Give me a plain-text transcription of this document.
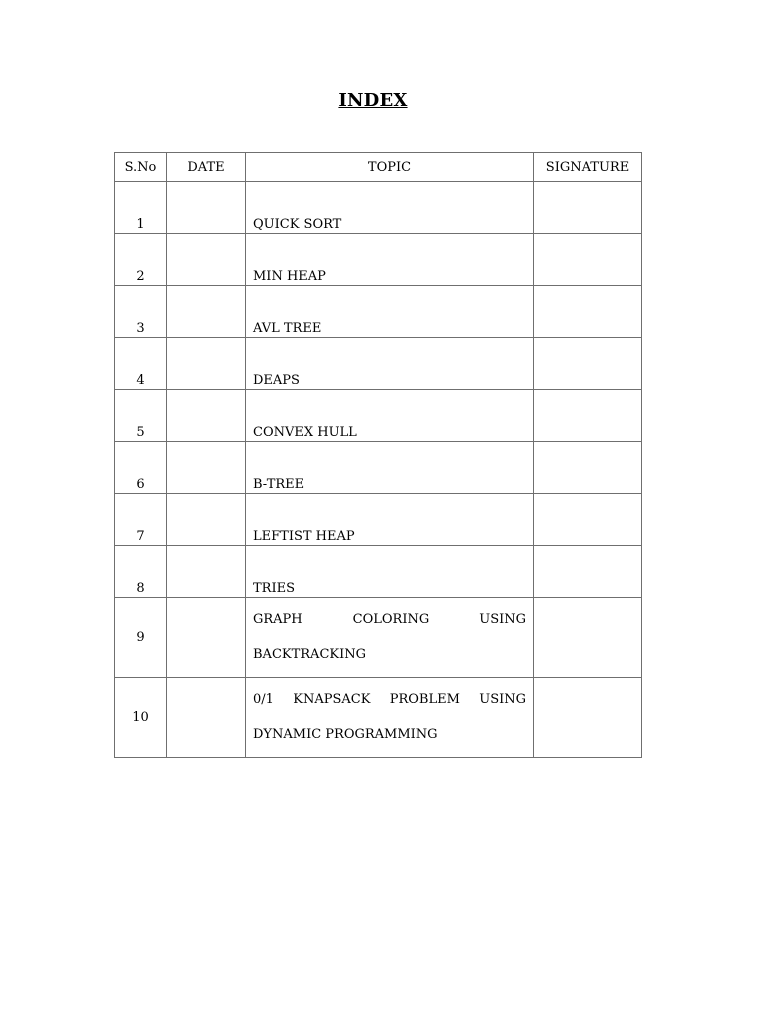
INDEX
S.No	DATE	TOPIC	SIGNATURE

1		QUICK SORT	

2		MIN HEAP	

3		AVL TREE	

4		DEAPS	

5		CONVEX HULL	

6		B-TREE	

7		LEFTIST HEAP	

8		TRIES	

9		GRAPH COLORING USING
BACKTRACKING	

10		0/1 KNAPSACK PROBLEM USING
DYNAMIC PROGRAMMING	
